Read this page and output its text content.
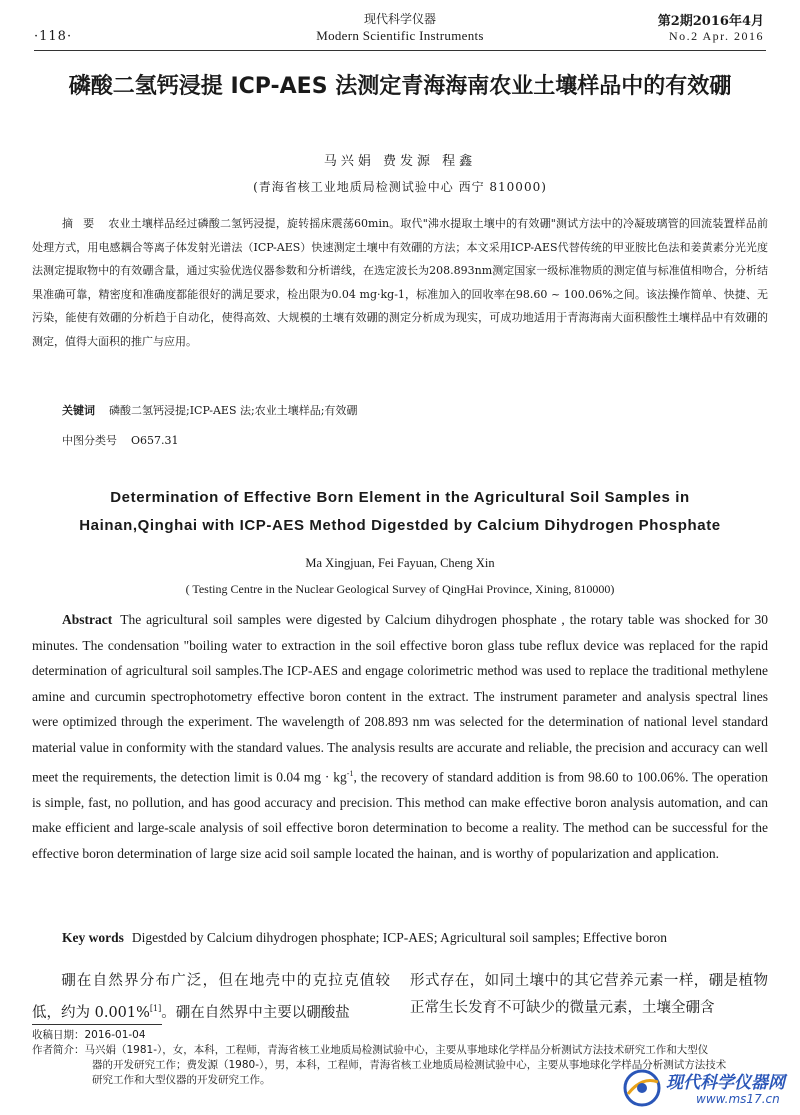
·118·
现代科学仪器
Modern Scientific Instruments
第2期2016年4月
No.2 Apr. 2016
磷酸二氢钙浸提 ICP-AES 法测定青海海南农业土壤样品中的有效硼
马兴娟 费发源 程鑫
(青海省核工业地质局检测试验中心 西宁 810000)
摘要 农业土壤样品经过磷酸二氢钙浸提，旋转摇床震荡60min。取代"沸水提取土壤中的有效硼"测试方法中的冷凝玻璃管的回流装置样品前处理方式，用电感耦合等离子体发射光谱法（ICP-AES）快速测定土壤中有效硼的方法；本文采用ICP-AES代替传统的甲亚胺比色法和姜黄素分光光度法测定提取物中的有效硼含量，通过实验优选仪器参数和分析谱线，在选定波长为208.893nm测定国家一级标准物质的测定值与标准值相吻合，分析结果准确可靠，精密度和准确度都能很好的满足要求，检出限为0.04 mg·kg-1，标准加入的回收率在98.60 ~ 100.06%之间。该法操作简单、快捷、无污染，能使有效硼的分析趋于自动化，使得高效、大规模的土壤有效硼的测定分析成为现实，可成功地适用于青海海南大面积酸性土壤样品中有效硼的测定，值得大面积的推广与应用。
关键词 磷酸二氢钙浸提;ICP-AES 法;农业土壤样品;有效硼
中图分类号 O657.31
Determination of Effective Born Element in the Agricultural Soil Samples in
Hainan,Qinghai with ICP-AES Method Digestded by Calcium Dihydrogen Phosphate
Ma Xingjuan, Fei Fayuan, Cheng Xin
( Testing Centre in the Nuclear Geological Survey of QingHai Province, Xining, 810000)
Abstract The agricultural soil samples were digested by Calcium dihydrogen phosphate , the rotary table was shocked for 30 minutes. The condensation "boiling water to extraction in the soil effective boron glass tube reflux device was replaced for the rapid determination of agricultural soil samples.The ICP-AES and engage colorimetric method was used to replace the traditional methylene amine and curcumin spectrophotometry effective boron content in the extract. The instrument parameter and analysis spectral lines were optimized through the experiment. The wavelength of 208.893 nm was selected for the determination of national level standard material value in conformity with the standard values. The analysis results are accurate and reliable, the precision and accuracy can well meet the requirements, the detection limit is 0.04 mg · $kg^{-1}$, the recovery of standard addition is from 98.60 to 100.06%. The operation is simple, fast, no pollution, and has good accuracy and precision. This method can make effective boron analysis automation, and can make efficient and large-scale analysis of soil effective boron determination to become a reality. The method can be successful for the effective boron determination of large size acid soil sample located the hainan, and is worthy of popularization and application.
Key words Digestded by Calcium dihydrogen phosphate; ICP-AES; Agricultural soil samples; Effective boron

硼在自然界分布广泛，但在地壳中的克拉克值较低，约为 0.001%[1]。硼在自然界中主要以硼酸盐

形式存在，如同土壤中的其它营养元素一样，硼是植物正常生长发育不可缺少的微量元素，土壤全硼含

收稿日期：2016-01-04
作者简介：马兴娟（1981-），女，本科，工程师，青海省核工业地质局检测试验中心，主要从事地球化学样品分析测试方法技术研究工作和大型仪
器的开发研究工作；费发源（1980-），男，本科，工程师，青海省核工业地质局检测试验中心，主要从事地球化学样品分析测试方法技术
研究工作和大型仪器的开发研究工作。	现代科学仪器网
www.ms17.cn
